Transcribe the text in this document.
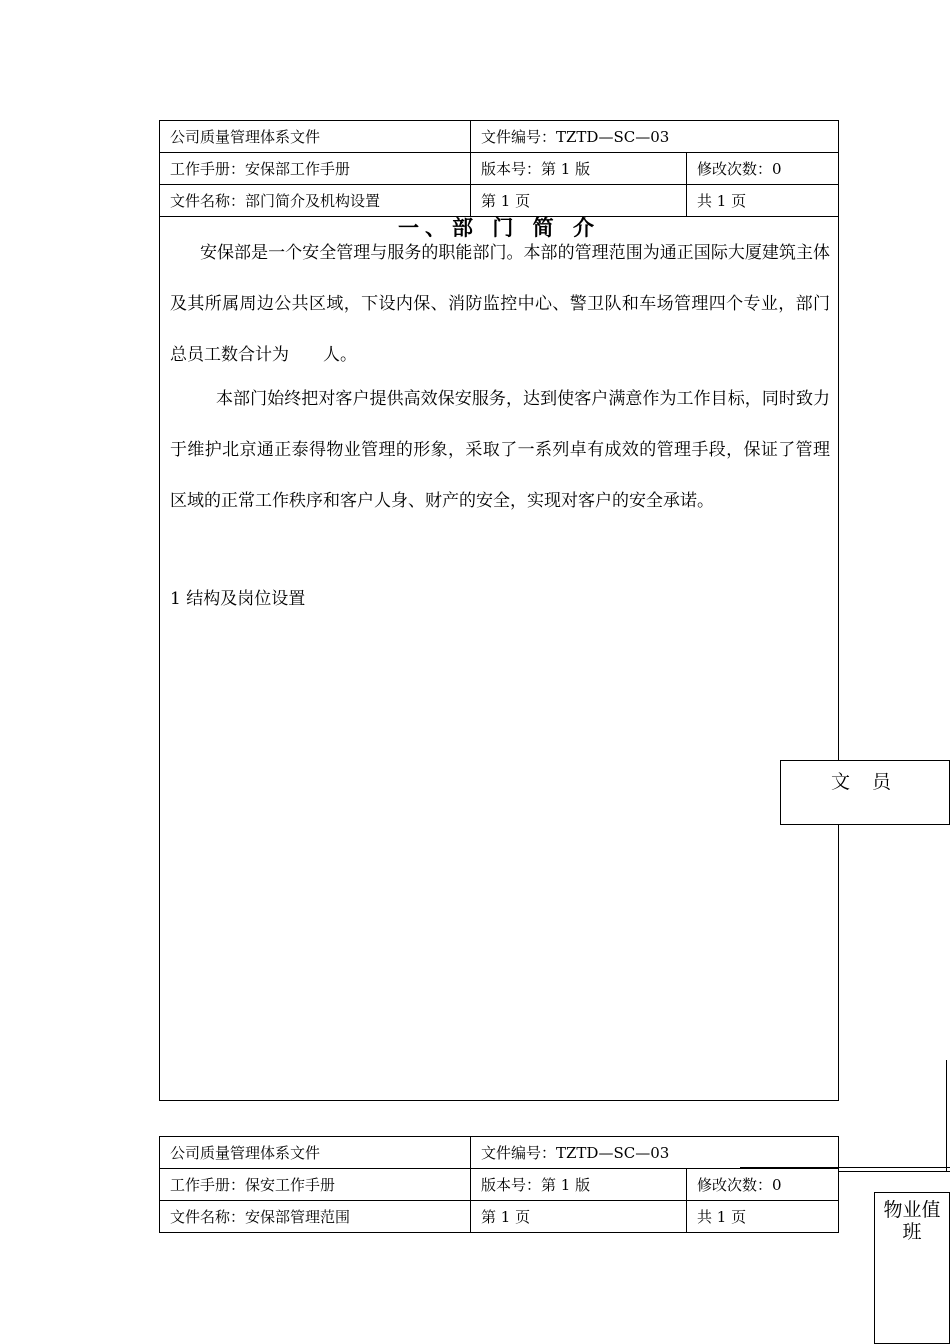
公司质量管理体系文件	文件编号：TZTD—SC—03	
工作手册：安保部工作手册	版本号：第 1 版	修改次数：0
文件名称：部门简介及机构设置	第 1 页	共 1 页
一、部 门 简 介
安保部是一个安全管理与服务的职能部门。本部的管理范围为通正国际大厦建筑主体及其所属周边公共区域，下设内保、消防监控中心、警卫队和车场管理四个专业，部门总员工数合计为　　人。
本部门始终把对客户提供高效保安服务，达到使客户满意作为工作目标，同时致力于维护北京通正泰得物业管理的形象，采取了一系列卓有成效的管理手段，保证了管理区域的正常工作秩序和客户人身、财产的安全，实现对客户的安全承诺。
1 结构及岗位设置
文 员
公司质量管理体系文件	文件编号：TZTD—SC—03	
工作手册：保安工作手册	版本号：第 1 版	修改次数：0
文件名称：安保部管理范围	第 1 页	共 1 页	物业值班
